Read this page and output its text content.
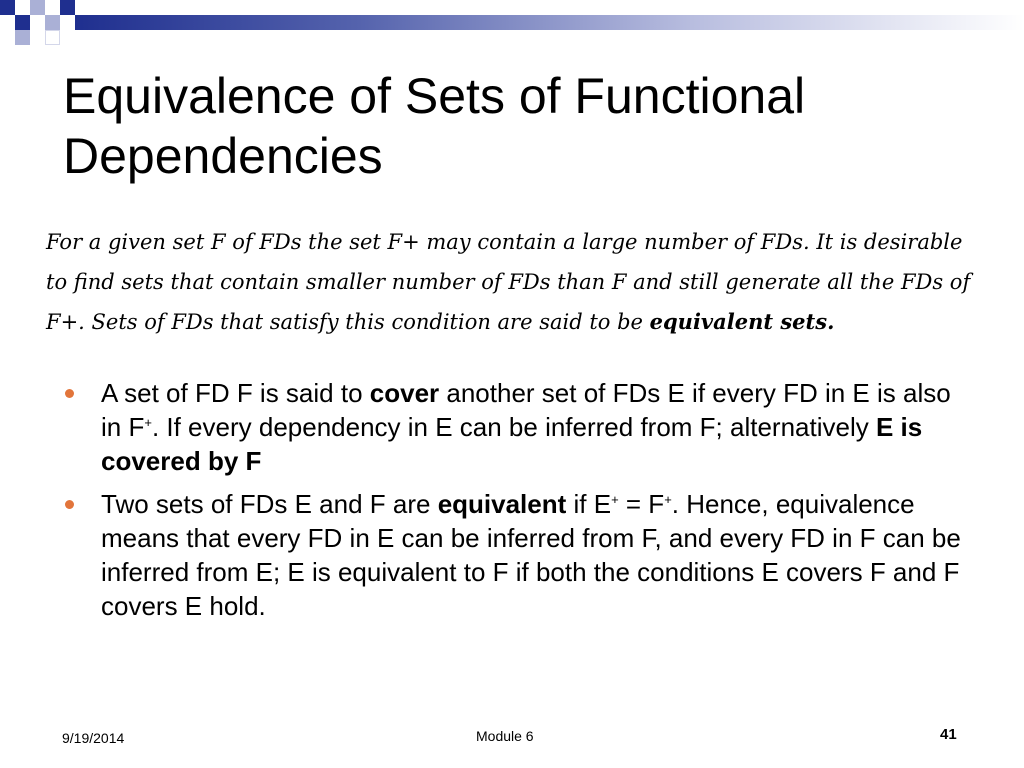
Equivalence of Sets of Functional Dependencies

For a given set F of FDs the set F+ may contain a large number of FDs. It is desirable to find sets that contain smaller number of FDs than F and still generate all the FDs of F+. Sets of FDs that satisfy this condition are said to be equivalent sets.

A set of FD F is said to cover another set of FDs E if every FD in E is also in F+. If every dependency in E can be inferred from F; alternatively E is covered by F
Two sets of FDs E and F are equivalent if E+ = F+. Hence, equivalence means that every FD in E can be inferred from F, and every FD in F can be inferred from E; E is equivalent to F if both the conditions E covers F and F covers E hold.
9/19/2014	Module 6	41
